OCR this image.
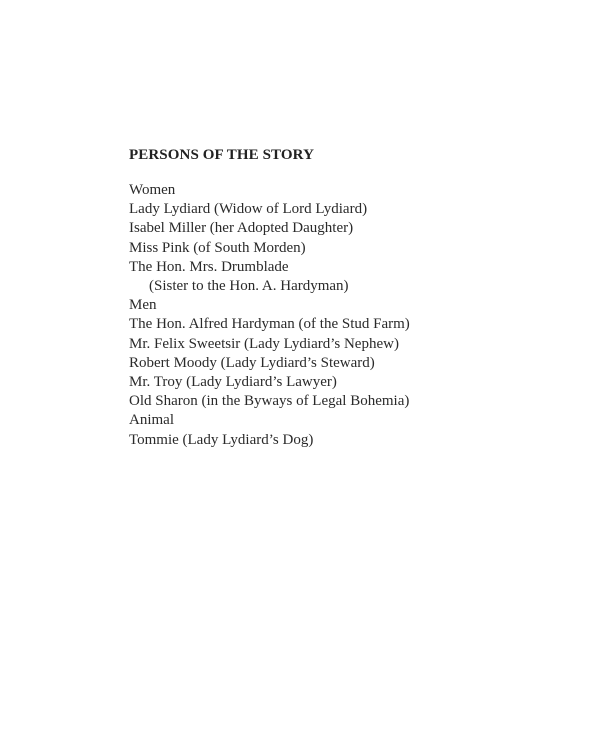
PERSONS OF THE STORY
Women
Lady Lydiard (Widow of Lord Lydiard)
Isabel Miller (her Adopted Daughter)
Miss Pink (of South Morden)
The Hon. Mrs. Drumblade
(Sister to the Hon. A. Hardyman)
Men
The Hon. Alfred Hardyman (of the Stud Farm)
Mr. Felix Sweetsir (Lady Lydiard’s Nephew)
Robert Moody (Lady Lydiard’s Steward)
Mr. Troy (Lady Lydiard’s Lawyer)
Old Sharon (in the Byways of Legal Bohemia)
Animal
Tommie (Lady Lydiard’s Dog)
